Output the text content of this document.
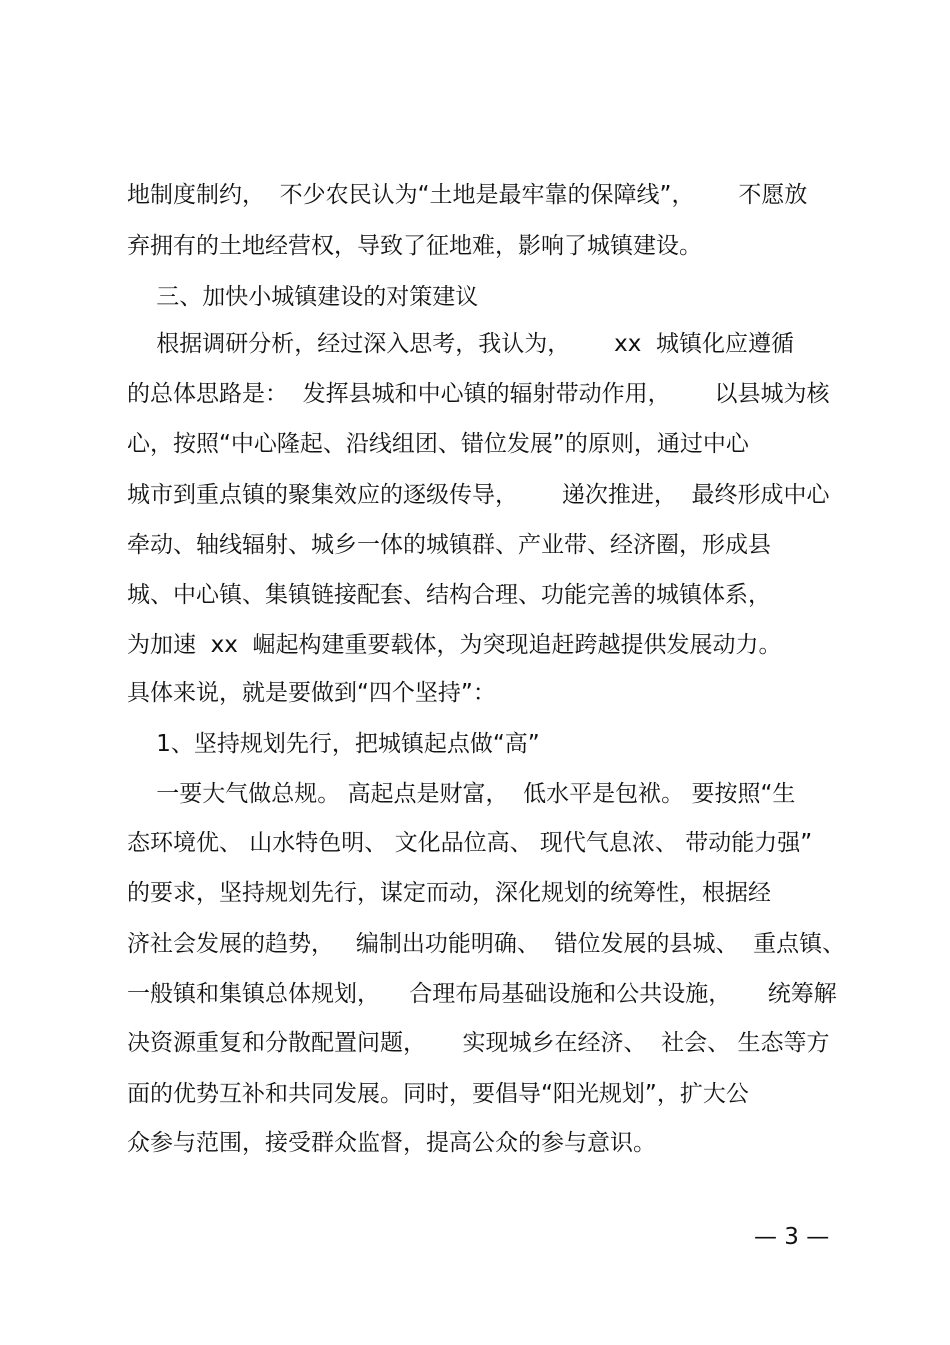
地制度制约，  不少农民认为“土地是最牢靠的保障线”，      不愿放
弃拥有的土地经营权，导致了征地难，影响了城镇建设。
三、加快小城镇建设的对策建议
根据调研分析，经过深入思考，我认为，      xx  城镇化应遵循
的总体思路是：  发挥县城和中心镇的辐射带动作用，      以县城为核
心，按照“中心隆起、沿线组团、错位发展”的原则，通过中心
城市到重点镇的聚集效应的逐级传导，      递次推进，  最终形成中心
牵动、轴线辐射、城乡一体的城镇群、产业带、经济圈，形成县
城、中心镇、集镇链接配套、结构合理、功能完善的城镇体系，
为加速  xx  崛起构建重要载体，为突现追赶跨越提供发展动力。
具体来说，就是要做到“四个坚持”：
1、坚持规划先行，把城镇起点做“高”
一要大气做总规。 高起点是财富，  低水平是包袱。 要按照“生
态环境优、 山水特色明、 文化品位高、 现代气息浓、 带动能力强”
的要求，坚持规划先行，谋定而动，深化规划的统筹性，根据经
济社会发展的趋势，   编制出功能明确、  错位发展的县城、  重点镇、
一般镇和集镇总体规划，    合理布局基础设施和公共设施，     统筹解
决资源重复和分散配置问题，     实现城乡在经济、  社会、 生态等方
面的优势互补和共同发展。同时，要倡导“阳光规划”，扩大公
众参与范围，接受群众监督，提高公众的参与意识。
— 3 —
